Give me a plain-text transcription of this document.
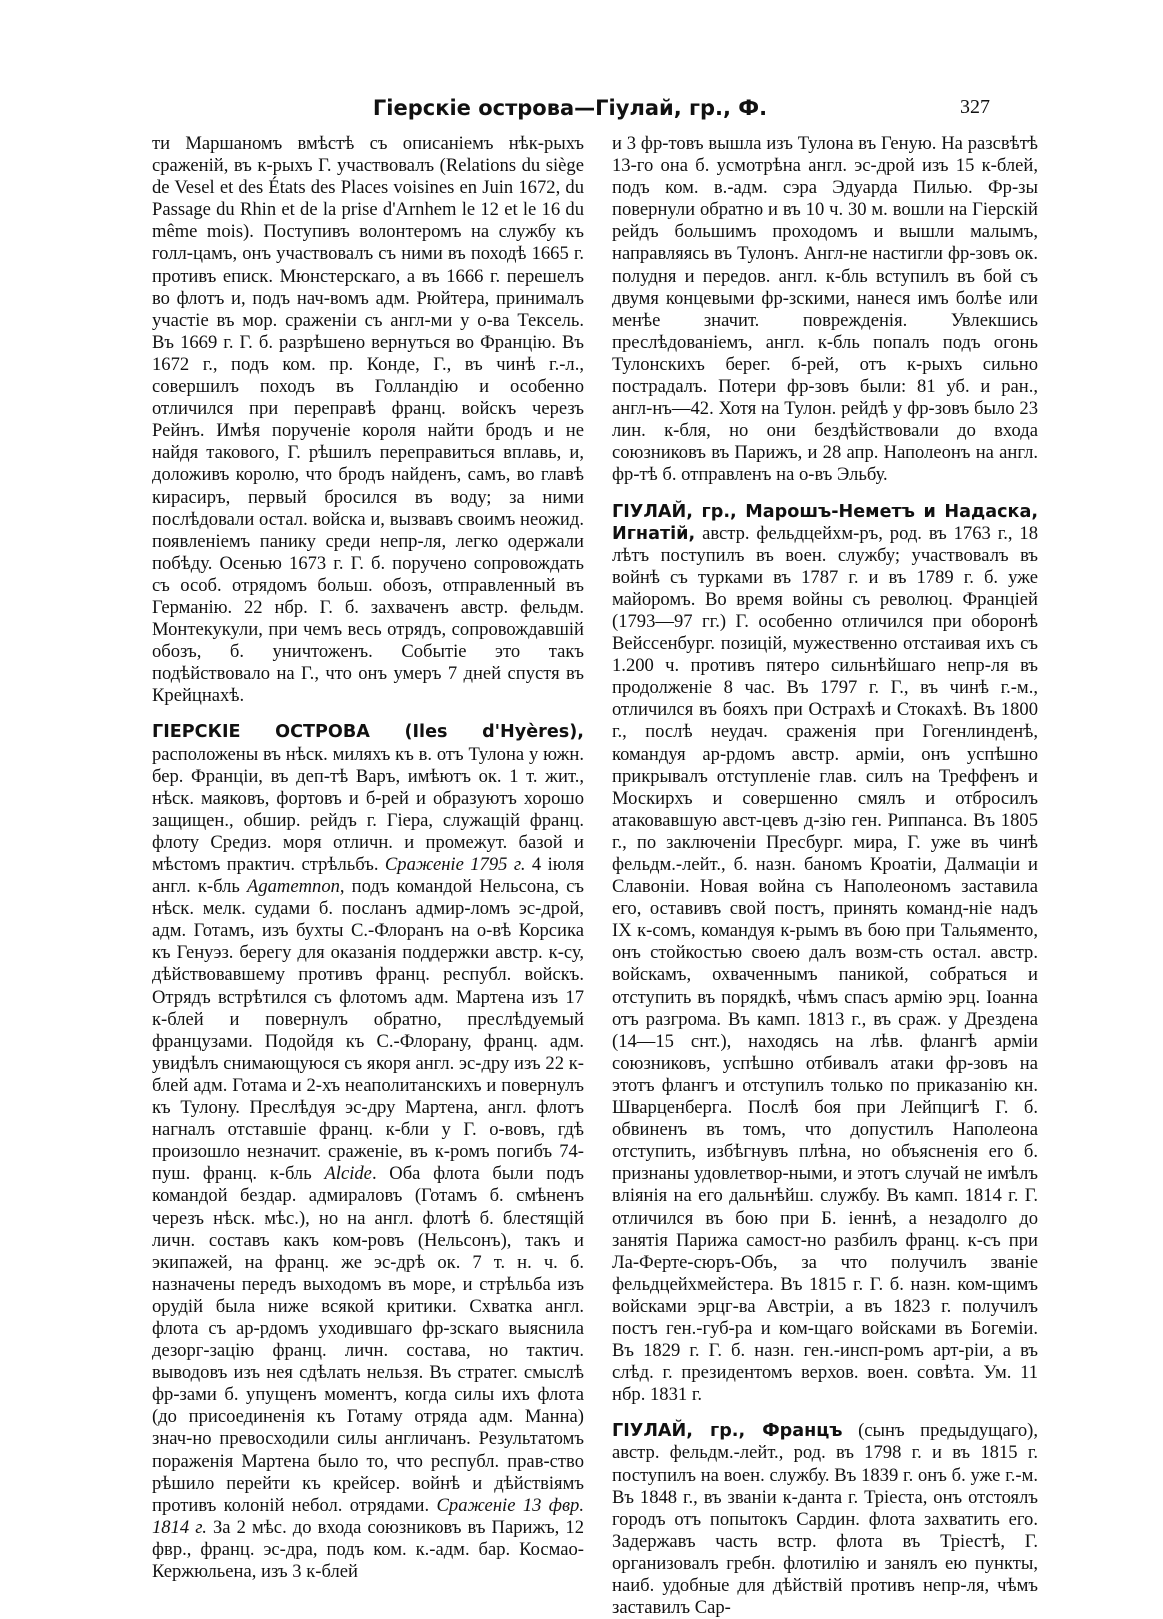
Гіерскіе острова—Гіулай, гр., Ф.	327

ти Маршаномъ вмѣстѣ съ описаніемъ нѣк-рыхъ сраженій, въ к-рыхъ Г. участвовалъ (Relations du siège de Vesel et des États des Places voisines en Juin 1672, du Passage du Rhin et de la prise d'Arnhem le 12 et le 16 du même mois). Поступивъ волонтеромъ на службу къ голл-цамъ, онъ участвовалъ съ ними въ походѣ 1665 г. противъ еписк. Мюнстерскаго, а въ 1666 г. перешелъ во флотъ и, подъ нач-вомъ адм. Рюйтера, принималъ участіе въ мор. сраженіи съ англ-ми у о-ва Тексель. Въ 1669 г. Г. б. разрѣшено вернуться во Францію. Въ 1672 г., подъ ком. пр. Конде, Г., въ чинѣ г.-л., совершилъ походъ въ Голландію и особенно отличился при переправѣ франц. войскъ черезъ Рейнъ. Имѣя порученіе короля найти бродъ и не найдя такового, Г. рѣшилъ переправиться вплавь, и, доложивъ королю, что бродъ найденъ, самъ, во главѣ кирасиръ, первый бросился въ воду; за ними послѣдовали остал. войска и, вызвавъ своимъ неожид. появленіемъ панику среди непр-ля, легко одержали побѣду. Осенью 1673 г. Г. б. поручено сопровождать съ особ. отрядомъ больш. обозъ, отправленный въ Германію. 22 нбр. Г. б. захваченъ австр. фельдм. Монтекукули, при чемъ весь отрядъ, сопровождавшій обозъ, б. уничтоженъ. Событіе это такъ подѣйствовало на Г., что онъ умеръ 7 дней спустя въ Крейцнахѣ.

ГІЕРСКІЕ ОСТРОВА (Iles d'Hyères), расположены въ нѣск. миляхъ къ в. отъ Тулона у южн. бер. Франціи, въ деп-тѣ Варъ, имѣютъ ок. 1 т. жит., нѣск. маяковъ, фортовъ и б-рей и образуютъ хорошо защищен., обшир. рейдъ г. Гіера, служащій франц. флоту Средиз. моря отличн. и промежут. базой и мѣстомъ практич. стрѣльбъ. Сраженіе 1795 г. 4 іюля англ. к-бль Agamemnon, подъ командой Нельсона, съ нѣск. мелк. судами б. посланъ адмир-ломъ эс-дрой, адм. Готамъ, изъ бухты С.-Флоранъ на о-вѣ Корсика къ Генуэз. берегу для оказанія поддержки австр. к-су, дѣйствовавшему противъ франц. республ. войскъ. Отрядъ встрѣтился съ флотомъ адм. Мартена изъ 17 к-блей и повернулъ обратно, преслѣдуемый французами. Подойдя къ С.-Флорану, франц. адм. увидѣлъ снимающуюся съ якоря англ. эс-дру изъ 22 к-блей адм. Готама и 2-хъ неаполитанскихъ и повернулъ къ Тулону. Преслѣдуя эс-дру Мартена, англ. флотъ нагналъ отставшіе франц. к-бли у Г. о-вовъ, гдѣ произошло незначит. сраженіе, въ к-ромъ погибъ 74-пуш. франц. к-бль Alcide. Оба флота были подъ командой бездар. адмираловъ (Готамъ б. смѣненъ черезъ нѣск. мѣс.), но на англ. флотѣ б. блестящій личн. составъ какъ ком-ровъ (Нельсонъ), такъ и экипажей, на франц. же эс-дрѣ ок. 7 т. н. ч. б. назначены передъ выходомъ въ море, и стрѣльба изъ орудій была ниже всякой критики. Схватка англ. флота съ ар-рдомъ уходившаго фр-зскаго выяснила дезорг-зацію франц. личн. состава, но тактич. выводовъ изъ нея сдѣлать нельзя. Въ стратег. смыслѣ фр-зами б. упущенъ моментъ, когда силы ихъ флота (до присоединенія къ Готаму отряда адм. Манна) знач-но превосходили силы англичанъ. Результатомъ пораженія Мартена было то, что республ. прав-ство рѣшило перейти къ крейсер. войнѣ и дѣйствіямъ противъ колоній небол. отрядами. Сраженіе 13 фвр. 1814 г. За 2 мѣс. до входа союзниковъ въ Парижъ, 12 фвр., франц. эс-дра, подъ ком. к.-адм. бар. Космао-Кержюльена, изъ 3 к-блей

и 3 фр-товъ вышла изъ Тулона въ Геную. На разсвѣтѣ 13-го она б. усмотрѣна англ. эс-дрой изъ 15 к-блей, подъ ком. в.-адм. сэра Эдуарда Пилью. Фр-зы повернули обратно и въ 10 ч. 30 м. вошли на Гіерскій рейдъ большимъ проходомъ и вышли малымъ, направляясь въ Тулонъ. Англ-не настигли фр-зовъ ок. полудня и передов. англ. к-бль вступилъ въ бой съ двумя концевыми фр-зскими, нанеся имъ болѣе или менѣе значит. поврежденія. Увлекшись преслѣдованіемъ, англ. к-бль попалъ подъ огонь Тулонскихъ берег. б-рей, отъ к-рыхъ сильно пострадалъ. Потери фр-зовъ были: 81 уб. и ран., англ-нъ—42. Хотя на Тулон. рейдѣ у фр-зовъ было 23 лин. к-бля, но они бездѣйствовали до входа союзниковъ въ Парижъ, и 28 апр. Наполеонъ на англ. фр-тѣ б. отправленъ на о-въ Эльбу.

ГІУЛАЙ, гр., Марошъ-Неметъ и Надаска, Игнатій, австр. фельдцейхм-ръ, род. въ 1763 г., 18 лѣтъ поступилъ въ воен. службу; участвовалъ въ войнѣ съ турками въ 1787 г. и въ 1789 г. б. уже майоромъ. Во время войны съ революц. Франціей (1793—97 гг.) Г. особенно отличился при оборонѣ Вейссенбург. позицій, мужественно отстаивая ихъ съ 1.200 ч. противъ пятеро сильнѣйшаго непр-ля въ продолженіе 8 час. Въ 1797 г. Г., въ чинѣ г.-м., отличился въ бояхъ при Острахѣ и Стокахѣ. Въ 1800 г., послѣ неудач. сраженія при Гогенлинденѣ, командуя ар-рдомъ австр. арміи, онъ успѣшно прикрывалъ отступленіе глав. силъ на Треффенъ и Москирхъ и совершенно смялъ и отбросилъ атаковавшую авст-цевъ д-зію ген. Риппанса. Въ 1805 г., по заключеніи Пресбург. мира, Г. уже въ чинѣ фельдм.-лейт., б. назн. баномъ Кроатіи, Далмаціи и Славоніи. Новая война съ Наполеономъ заставила его, оставивъ свой постъ, принять команд-ніе надъ IX к-сомъ, командуя к-рымъ въ бою при Тальяменто, онъ стойкостью своею далъ возм-сть остал. австр. войскамъ, охваченнымъ паникой, собраться и отступить въ порядкѣ, чѣмъ спасъ армію эрц. Іоанна отъ разгрома. Въ камп. 1813 г., въ сраж. у Дрездена (14—15 снт.), находясь на лѣв. флангѣ арміи союзниковъ, успѣшно отбивалъ атаки фр-зовъ на этотъ флангъ и отступилъ только по приказанію кн. Шварценберга. Послѣ боя при Лейпцигѣ Г. б. обвиненъ въ томъ, что допустилъ Наполеона отступить, избѣгнувъ плѣна, но объясненія его б. признаны удовлетвор-ными, и этотъ случай не имѣлъ вліянія на его дальнѣйш. службу. Въ камп. 1814 г. Г. отличился въ бою при Б. іеннѣ, а незадолго до занятія Парижа самост-но разбилъ франц. к-съ при Ла-Ферте-сюръ-Объ, за что получилъ званіе фельдцейхмейстера. Въ 1815 г. Г. б. назн. ком-щимъ войсками эрцг-ва Австріи, а въ 1823 г. получилъ постъ ген.-губ-ра и ком-щаго войсками въ Богеміи. Въ 1829 г. Г. б. назн. ген.-инсп-ромъ арт-ріи, а въ слѣд. г. президентомъ верхов. воен. совѣта. Ум. 11 нбр. 1831 г.

ГІУЛАЙ, гр., Францъ (сынъ предыдущаго), австр. фельдм.-лейт., род. въ 1798 г. и въ 1815 г. поступилъ на воен. службу. Въ 1839 г. онъ б. уже г.-м. Въ 1848 г., въ званіи к-данта г. Тріеста, онъ отстоялъ городъ отъ попытокъ Сардин. флота захватить его. Задержавъ часть встр. флота въ Тріестѣ, Г. организовалъ гребн. флотилію и занялъ ею пункты, наиб. удобные для дѣйствій противъ непр-ля, чѣмъ заставилъ Сар-
